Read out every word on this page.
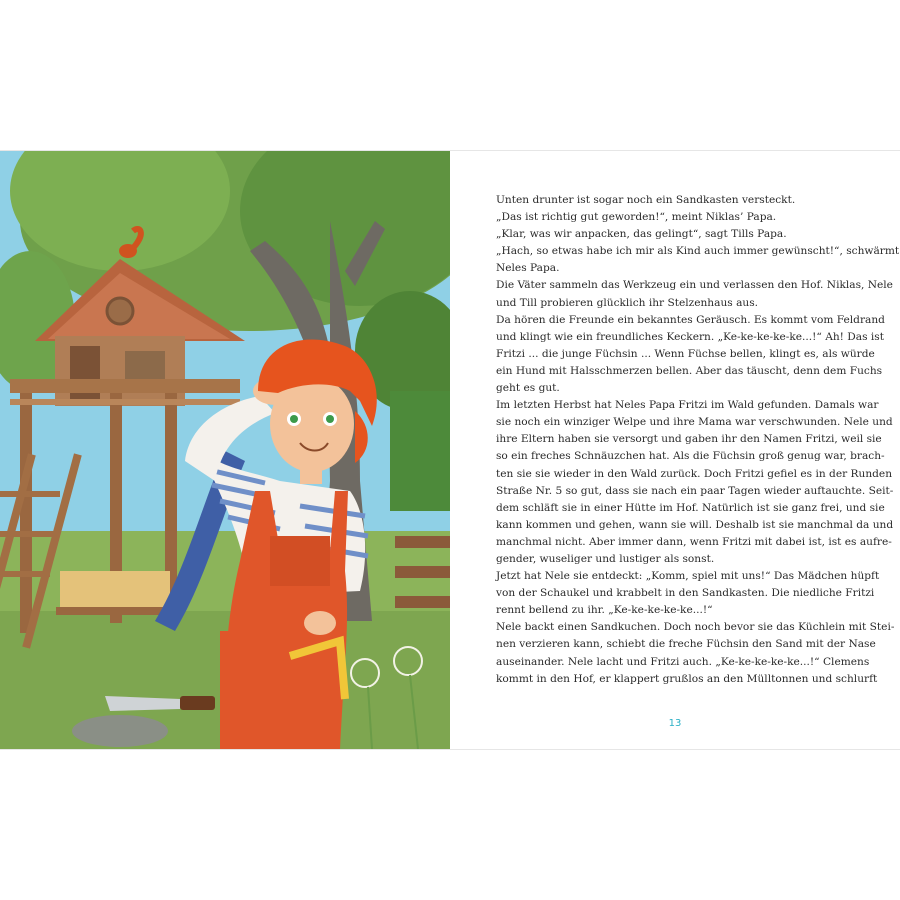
Unten drunter ist sogar noch ein Sandkasten versteckt.
„Das ist richtig gut geworden!“, meint Niklas’ Papa.
„Klar, was wir anpacken, das gelingt“, sagt Tills Papa.
„Hach, so etwas habe ich mir als Kind auch immer gewünscht!“, schwärmt
Neles Papa.
Die Väter sammeln das Werkzeug ein und verlassen den Hof. Niklas, Nele
und Till probieren glücklich ihr Stelzenhaus aus.
Da hören die Freunde ein bekanntes Geräusch. Es kommt vom Feldrand
und klingt wie ein freundliches Keckern. „Ke-ke-ke-ke-ke...!“ Ah! Das ist
Fritzi ... die junge Füchsin ... Wenn Füchse bellen, klingt es, als würde
ein Hund mit Halsschmerzen bellen. Aber das täuscht, denn dem Fuchs
geht es gut.
Im letzten Herbst hat Neles Papa Fritzi im Wald gefunden. Damals war
sie noch ein winziger Welpe und ihre Mama war verschwunden. Nele und
ihre Eltern haben sie versorgt und gaben ihr den Namen Fritzi, weil sie
so ein freches Schnäuzchen hat. Als die Füchsin groß genug war, brach-
ten sie sie wieder in den Wald zurück. Doch Fritzi gefiel es in der Runden
Straße Nr. 5 so gut, dass sie nach ein paar Tagen wieder auftauchte. Seit-
dem schläft sie in einer Hütte im Hof. Natürlich ist sie ganz frei, und sie
kann kommen und gehen, wann sie will. Deshalb ist sie manchmal da und
manchmal nicht. Aber immer dann, wenn Fritzi mit dabei ist, ist es aufre-
gender, wuseliger und lustiger als sonst.
Jetzt hat Nele sie entdeckt: „Komm, spiel mit uns!“ Das Mädchen hüpft
von der Schaukel und krabbelt in den Sandkasten. Die niedliche Fritzi
rennt bellend zu ihr. „Ke-ke-ke-ke-ke...!“
Nele backt einen Sandkuchen. Doch noch bevor sie das Küchlein mit Stei-
nen verzieren kann, schiebt die freche Füchsin den Sand mit der Nase
auseinander. Nele lacht und Fritzi auch. „Ke-ke-ke-ke-ke...!“ Clemens
kommt in den Hof, er klappert grußlos an den Mülltonnen und schlurft
13
